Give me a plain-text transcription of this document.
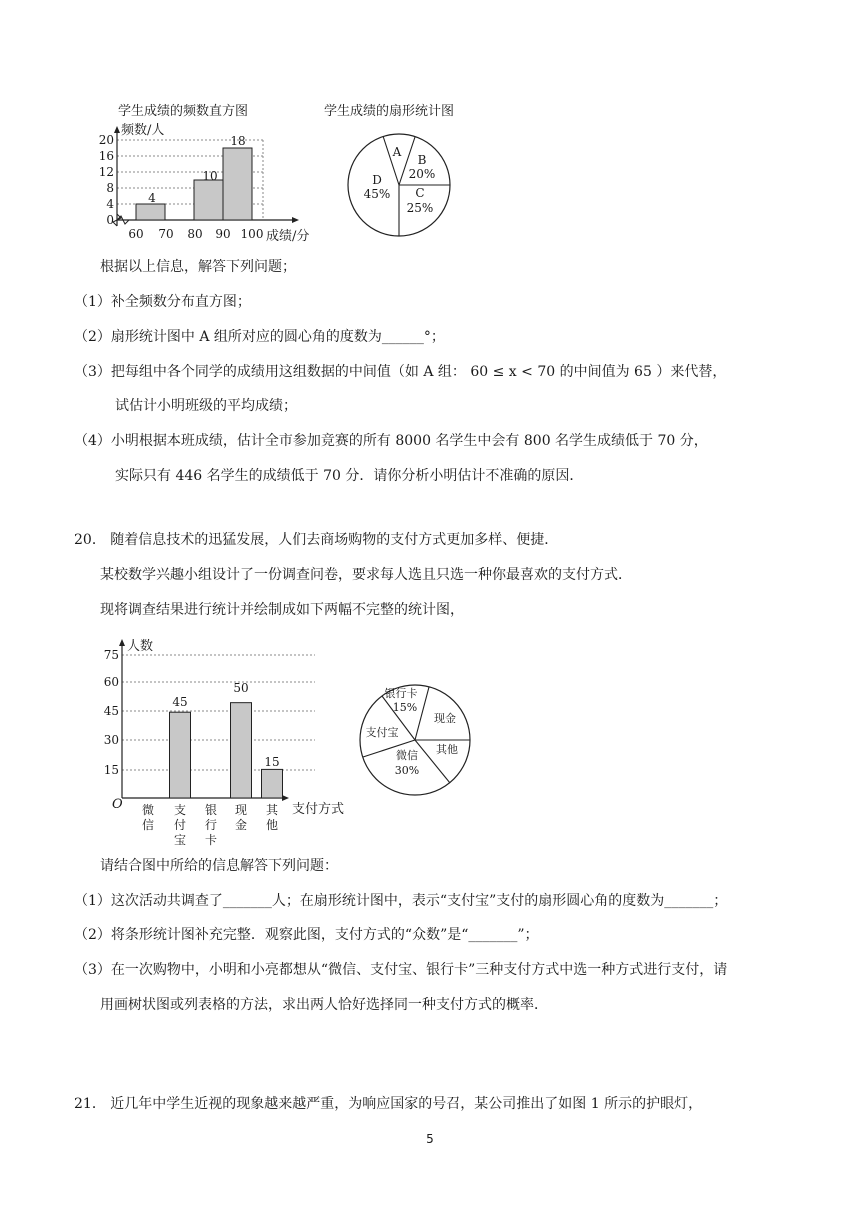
学生成绩的频数直方图	学生成绩的扇形统计图
4
10
18
0
4
8
12
16
20
频数/人
60 70 80 90 100 成绩/分
A
B
20%
C
25%
D
45%
根据以上信息，解答下列问题；
（1）补全频数分布直方图；
（2）扇形统计图中 A 组所对应的圆心角的度数为______°；
（3）把每组中各个同学的成绩用这组数据的中间值（如 A 组： 60 ≤ x < 70 的中间值为 65 ）来代替，
试估计小明班级的平均成绩；
（4）小明根据本班成绩，估计全市参加竞赛的所有 8000 名学生中会有 800 名学生成绩低于 70 分，
实际只有 446 名学生的成绩低于 70 分．请你分析小明估计不准确的原因．
20． 随着信息技术的迅猛发展，人们去商场购物的支付方式更加多样、便捷．
某校数学兴趣小组设计了一份调查问卷，要求每人选且只选一种你最喜欢的支付方式．
现将调查结果进行统计并绘制成如下两幅不完整的统计图，
45
50
15
15
30
45
60
75
人数
O	支付方式
微
信
支
付
宝
银
行
卡
现
金
其
他
银行卡
15%
现金
支付宝
其他
微信
30%
请结合图中所给的信息解答下列问题：
（1）这次活动共调查了_______人；在扇形统计图中，表示“支付宝”支付的扇形圆心角的度数为_______；
（2）将条形统计图补充完整．观察此图，支付方式的“众数”是“_______”；
（3）在一次购物中，小明和小亮都想从“微信、支付宝、银行卡”三种支付方式中选一种方式进行支付，请
用画树状图或列表格的方法，求出两人恰好选择同一种支付方式的概率．
21． 近几年中学生近视的现象越来越严重，为响应国家的号召，某公司推出了如图 1 所示的护眼灯，
5
